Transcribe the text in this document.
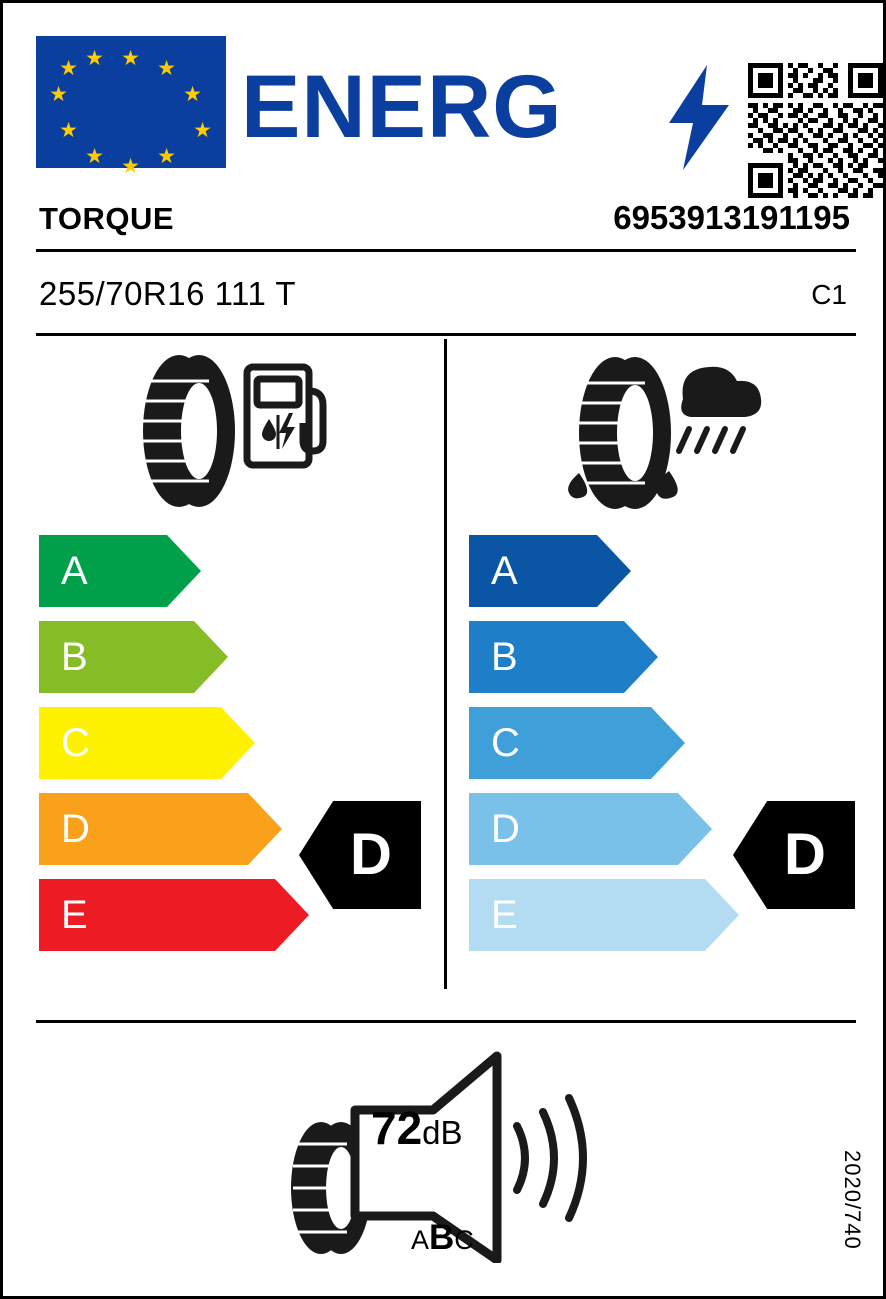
★ ★
★
★
★
★
★
★
★
★ ★ ENERG
TORQUE	6953913191195
255/70R16 111 T	C1
A
B
C
D
E
D
A
B
C
D
E
D
72dB
ABC	2020/740
